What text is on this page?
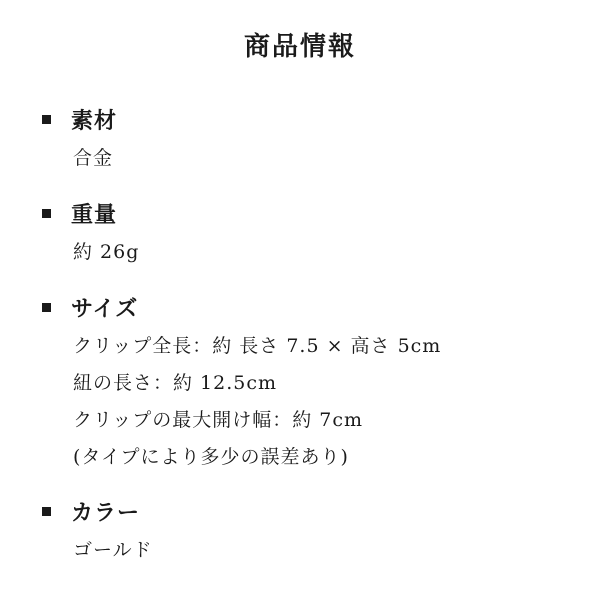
商品情報
素材
合金
重量
約 26g
サイズ
クリップ全長：約 長さ 7.5 × 高さ 5cm
紐の長さ：約 12.5cm
クリップの最大開け幅：約 7cm
(タイプにより多少の誤差あり)
カラー
ゴールド
